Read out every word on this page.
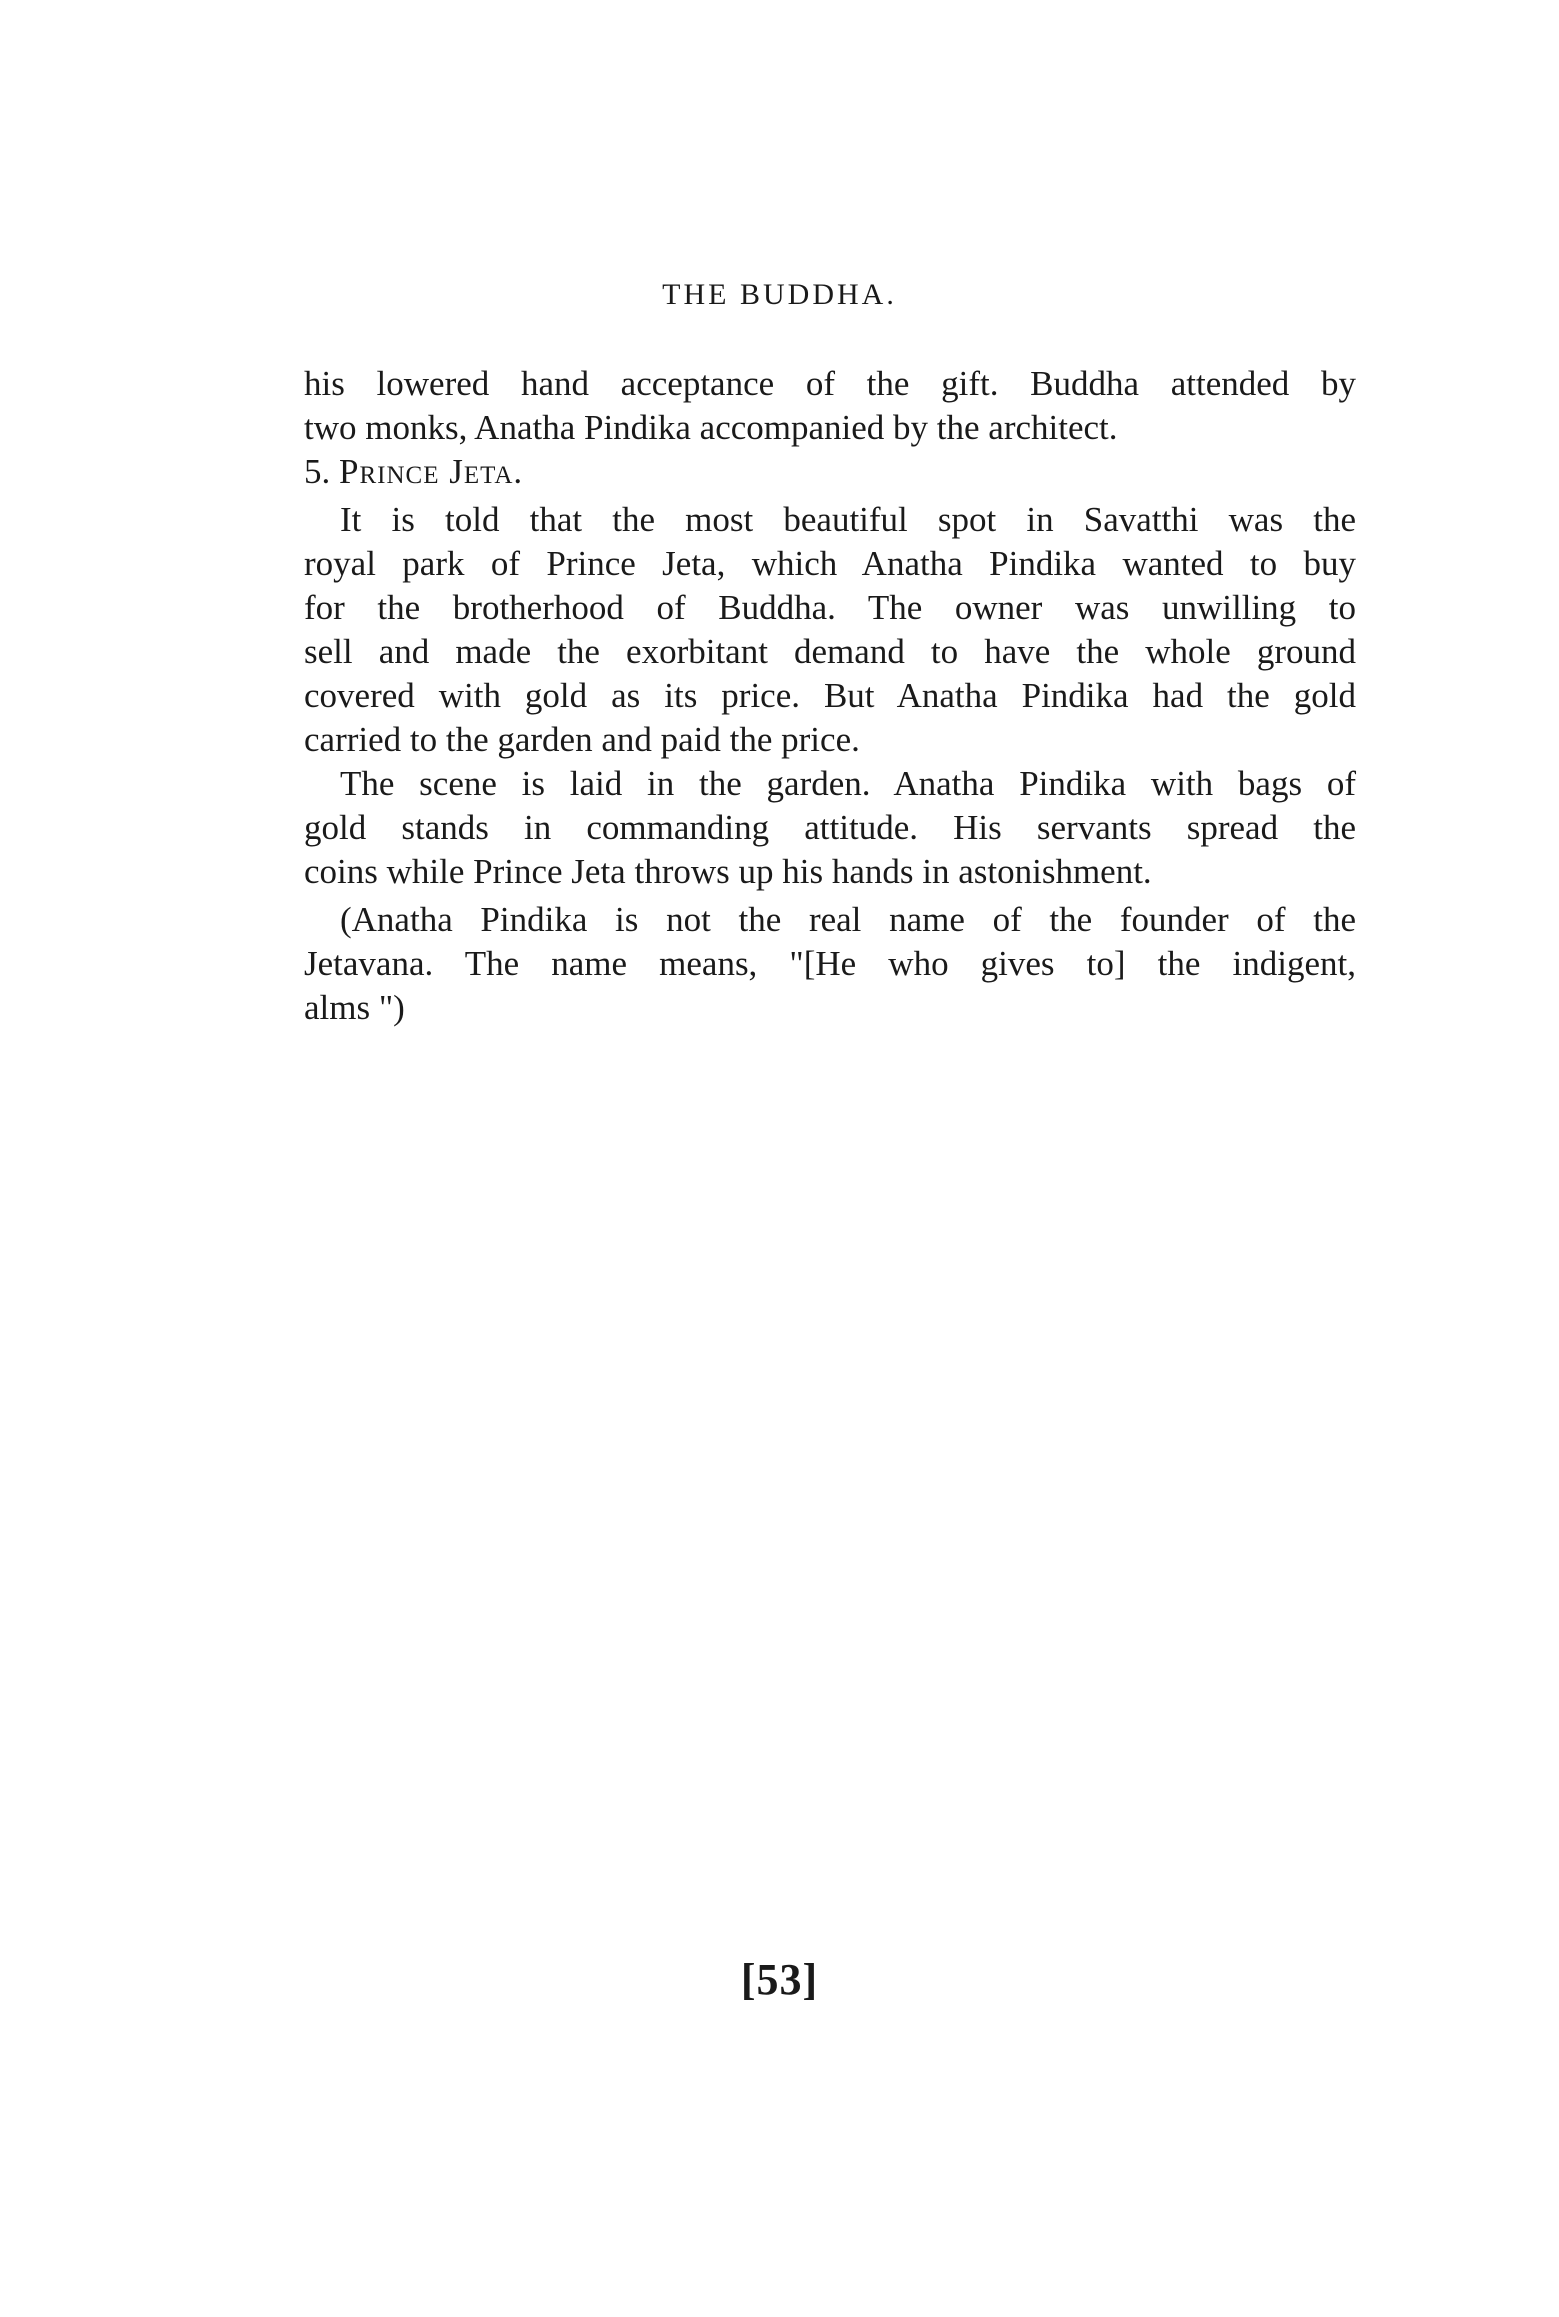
THE BUDDHA.

his lowered hand acceptance of the gift. Buddha attended by

two monks, Anatha Pindika accompanied by the architect.

5. Prince Jeta.

It is told that the most beautiful spot in Savatthi was the

royal park of Prince Jeta, which Anatha Pindika wanted to buy

for the brotherhood of Buddha. The owner was unwilling to

sell and made the exorbitant demand to have the whole ground

covered with gold as its price. But Anatha Pindika had the gold

carried to the garden and paid the price.

The scene is laid in the garden. Anatha Pindika with bags of

gold stands in commanding attitude. His servants spread the

coins while Prince Jeta throws up his hands in astonishment.

(Anatha Pindika is not the real name of the founder of the

Jetavana. The name means, "[He who gives to] the indigent,

alms ")

[53]
